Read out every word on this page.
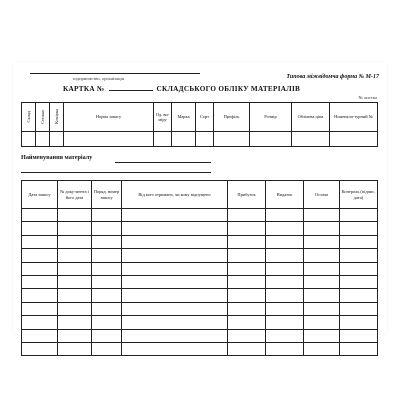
підприємство, організація	Типова міжвідомча форма № М-17
КАРТКА №	СКЛАДСЬКОГО ОБЛІКУ МАТЕРІАЛІВ
№ листка
Склад	Стелаж	Комірка	Норма запасу	Од. ви-міру	Марка	Сорт	Профіль	Розмір	Облікова ціна	Номенкла-турний №

Найменування матеріалу
Дата запису	№ доку-мента і його дата	Поряд. номер запису	Від кого отримано, чи кому відпущено	Прибуток	Видаток	Остача	Контроль (підпис, дата)
